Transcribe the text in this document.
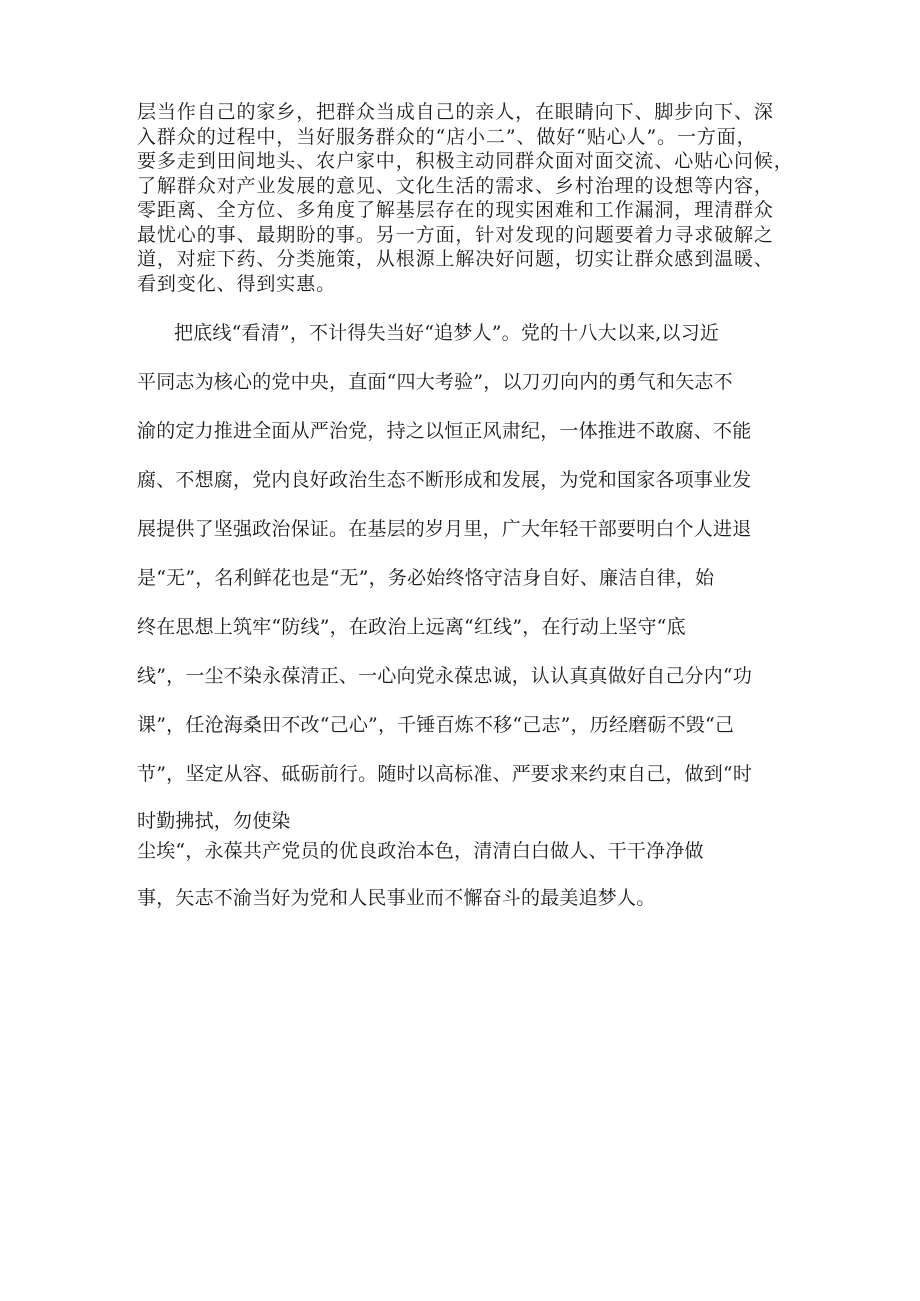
层当作自己的家乡，把群众当成自己的亲人，在眼睛向下、脚步向下、深
入群众的过程中，当好服务群众的“店小二”、做好“贴心人”。一方面，
要多走到田间地头、农户家中，积极主动同群众面对面交流、心贴心问候，
了解群众对产业发展的意见、文化生活的需求、乡村治理的设想等内容，
零距离、全方位、多角度了解基层存在的现实困难和工作漏洞，理清群众
最忧心的事、最期盼的事。另一方面，针对发现的问题要着力寻求破解之
道，对症下药、分类施策，从根源上解决好问题，切实让群众感到温暖、
看到变化、得到实惠。
把底线“看清”，不计得失当好“追梦人”。党的十八大以来,以习近
平同志为核心的党中央，直面“四大考验”，以刀刃向内的勇气和矢志不
渝的定力推进全面从严治党，持之以恒正风肃纪，一体推进不敢腐、不能
腐、不想腐，党内良好政治生态不断形成和发展，为党和国家各项事业发
展提供了坚强政治保证。在基层的岁月里，广大年轻干部要明白个人进退
是“无”，名利鲜花也是“无”，务必始终恪守洁身自好、廉洁自律，始
终在思想上筑牢“防线”，在政治上远离“红线”，在行动上坚守“底
线”，一尘不染永葆清正、一心向党永葆忠诚，认认真真做好自己分内“功
课”，任沧海桑田不改“己心”，千锤百炼不移“己志”，历经磨砺不毁“己
节”，坚定从容、砥砺前行。随时以高标准、严要求来约束自己，做到“时
时勤拂拭，勿使染
尘埃“，永葆共产党员的优良政治本色，清清白白做人、干干净净做
事，矢志不渝当好为党和人民事业而不懈奋斗的最美追梦人。
